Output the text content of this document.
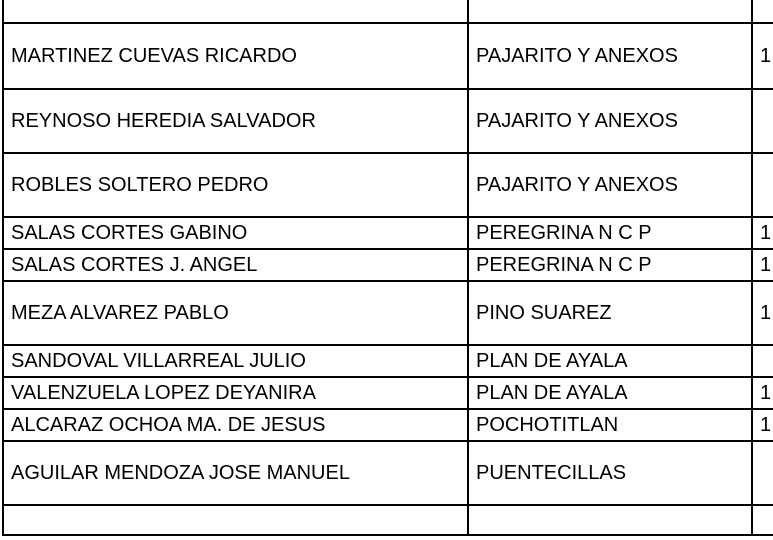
MARTINEZ CUEVAS RICARDO	PAJARITO Y ANEXOS	1
REYNOSO HEREDIA SALVADOR	PAJARITO Y ANEXOS	
ROBLES SOLTERO PEDRO	PAJARITO Y ANEXOS	
SALAS CORTES GABINO	PEREGRINA N C P	1
SALAS CORTES J. ANGEL	PEREGRINA N C P	1
MEZA ALVAREZ PABLO	PINO SUAREZ	1
SANDOVAL VILLARREAL JULIO	PLAN DE AYALA	
VALENZUELA LOPEZ DEYANIRA	PLAN DE AYALA	1
ALCARAZ OCHOA MA. DE JESUS	POCHOTITLAN	1
AGUILAR MENDOZA JOSE MANUEL	PUENTECILLAS	
